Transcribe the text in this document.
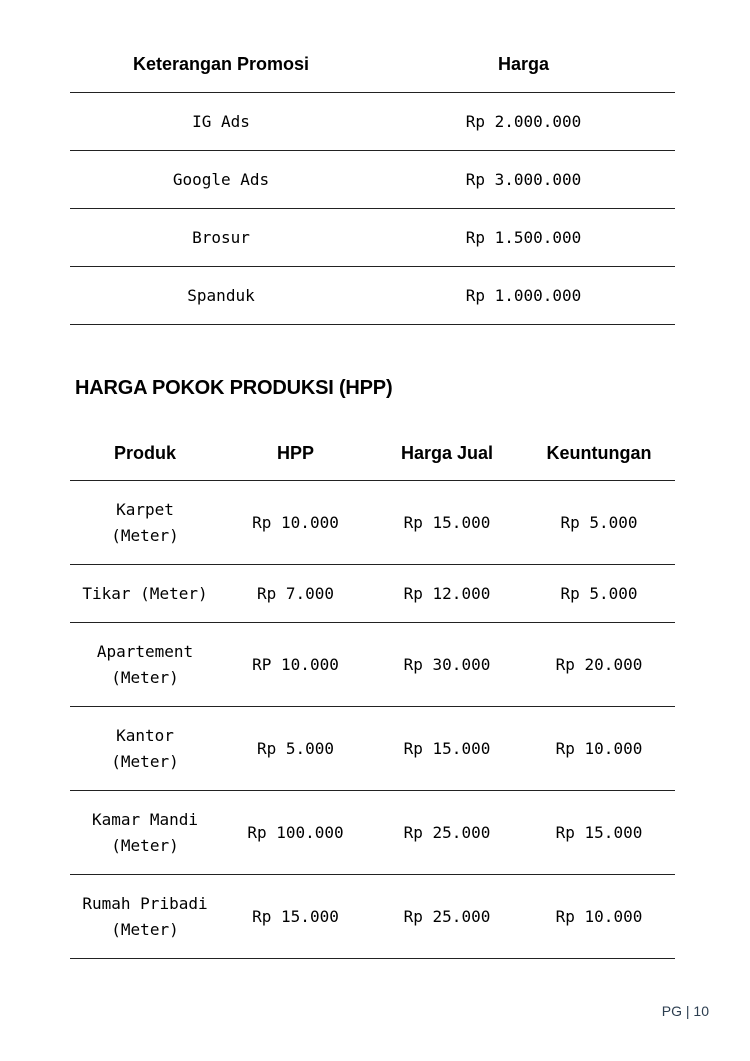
Keterangan Promosi	Harga
IG Ads	Rp 2.000.000
Google Ads	Rp 3.000.000
Brosur	Rp 1.500.000
Spanduk	Rp 1.000.000
HARGA POKOK PRODUKSI (HPP)
Produk	HPP	Harga Jual	Keuntungan
Karpet (Meter)	Rp 10.000	Rp 15.000	Rp 5.000
Tikar (Meter)	Rp 7.000	Rp 12.000	Rp 5.000
Apartement (Meter)	RP 10.000	Rp 30.000	Rp 20.000
Kantor (Meter)	Rp 5.000	Rp 15.000	Rp 10.000
Kamar Mandi (Meter)	Rp 100.000	Rp 25.000	Rp 15.000
Rumah Pribadi (Meter)	Rp 15.000	Rp 25.000	Rp 10.000
PG | 10
